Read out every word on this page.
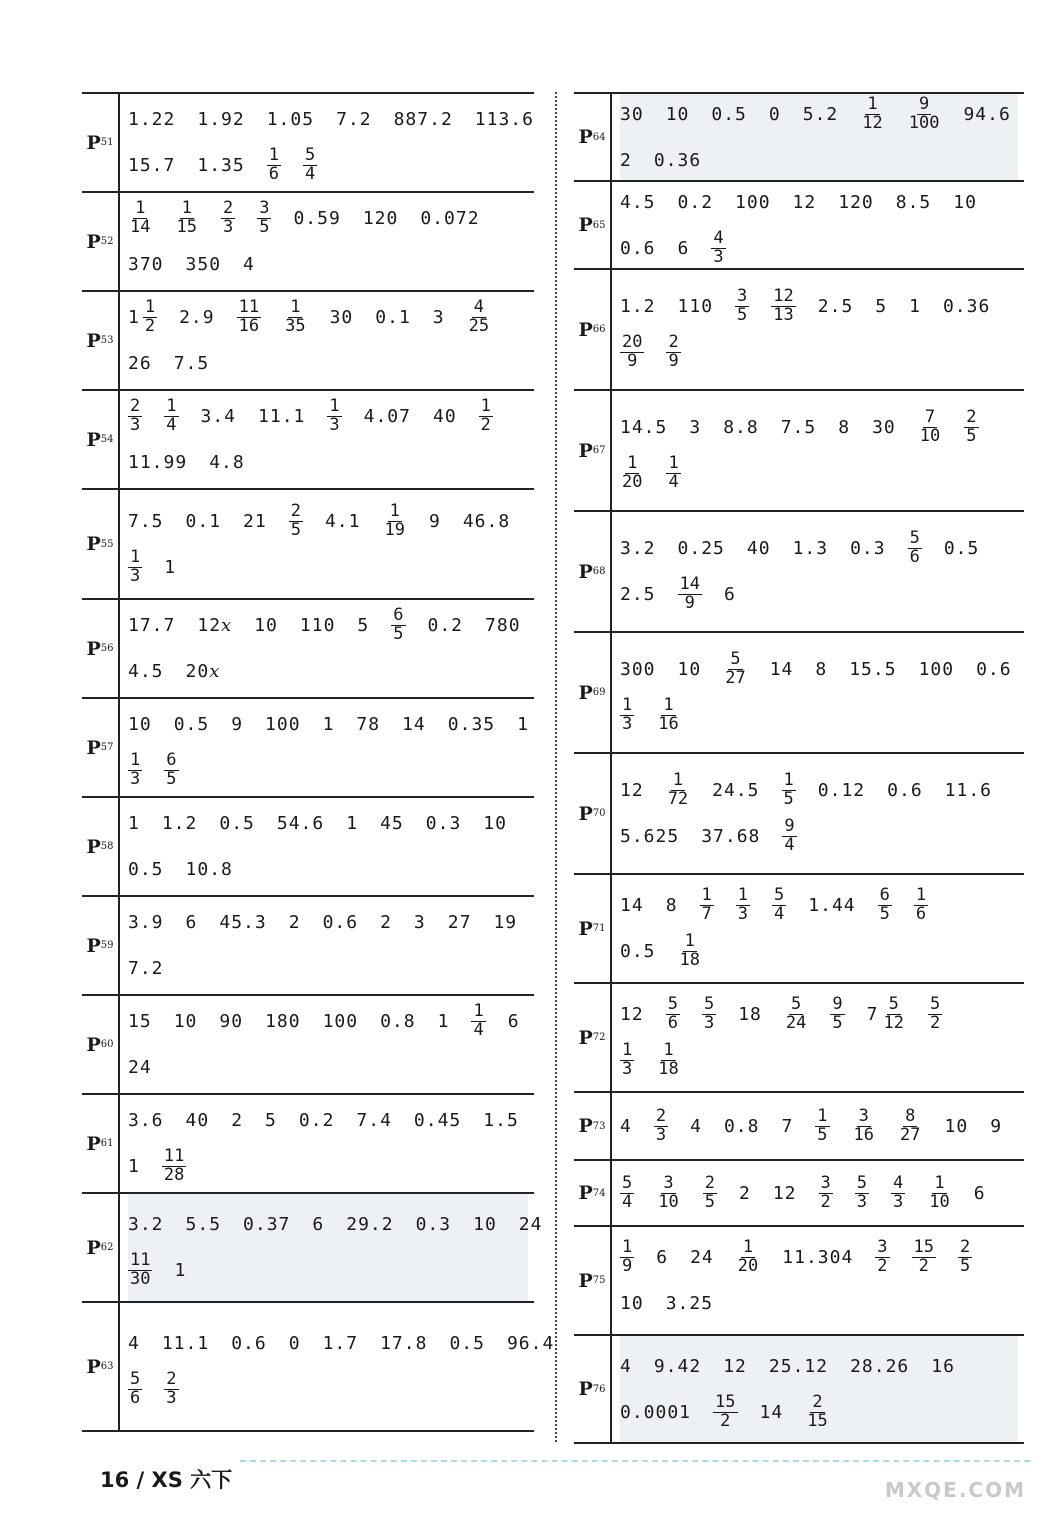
P 51
1.22 1.92 1.05 7.2 887.2 113.6
15.7 $1.35 \frac{1}{6} \frac{5}{4}$
P 52
$\frac{1}{14} \frac{1}{15} \frac{2}{3} \frac{3}{5} 0.59$ 120 0.072
370 350 4
P 53
$1 \frac{1}{2} 2.9 \frac{11}{16} \frac{1}{35} 30$ 0.1 $3 \frac{4}{25}$
26 7.5
P 54
$\frac{2}{3} \frac{1}{4} 3.4$ $11.1 \frac{1}{3} 4.07$ $40 \frac{1}{2}$
11.99 4.8
P 55
7.5 0.1 $21 \frac{2}{5} 4.1 \frac{1}{19} 9$ 46.8
$\frac{1}{3} 1$
P 56
17.7 12 x 10 110 $5 \frac{6}{5} 0.2$ 780
4.5 20 x
P 57
10 0.5 9 100 1 78 14 0.35 1
$\frac{1}{3} \frac{6}{5}$
P 58
1 1.2 0.5 54.6 1 45 0.3 10
0.5 10.8
P 59
3.9 6 45.3 2 0.6 2 3 27 19
7.2
P 60
15 10 90 180 100 0.8 $1 \frac{1}{4} 6$
24
P 61
3.6 40 2 5 0.2 7.4 0.45 1.5
$1 \frac{11}{28}$
P 62
3.2 5.5 0.37 6 29.2 0.3 10 24
$\frac{11}{30} 1$
P 63
4 11.1 0.6 0 1.7 17.8 0.5 96.4
$\frac{5}{6} \frac{2}{3}$
P 64
30 10 0.5 0 $5.2 \frac{1}{12} \frac{9}{100} 94.6$
2 0.36
P 65
4.5 0.2 100 12 120 8.5 10
0.6 $6 \frac{4}{3}$
P 66
1.2 $110 \frac{3}{5} \frac{12}{13} 2.5$ 5 1 0.36
$\frac{20}{9} \frac{2}{9}$
P 67
14.5 3 8.8 7.5 8 $30 \frac{7}{10} \frac{2}{5}$
$\frac{1}{20} \frac{1}{4}$
P 68
3.2 0.25 40 1.3 $0.3 \frac{5}{6} 0.5$
$2.5 \frac{14}{9} 6$
P 69
300 $10 \frac{5}{27} 14$ 8 15.5 100 0.6
$\frac{1}{3} \frac{1}{16}$
P 70
$12 \frac{1}{72} 24.5 \frac{1}{5} 0.12$ 0.6 11.6
5.625 $37.68 \frac{9}{4}$
P 71
14 $8 \frac{1}{7} \frac{1}{3} \frac{5}{4} 1.44 \frac{6}{5} \frac{1}{6}$
$0.5 \frac{1}{18}$
P 72
$12 \frac{5}{6} \frac{5}{3} 18 \frac{5}{24} \frac{9}{5} 7 \frac{5}{12} \frac{5}{2}$
$\frac{1}{3} \frac{1}{18}$
P 73 $4 \frac{2}{3} 4$ 0.8 $7 \frac{1}{5} \frac{3}{16} \frac{8}{27} 10$ 9
P $74 \frac{5}{4} \frac{3}{10} \frac{2}{5} 2$ $12 \frac{3}{2} \frac{5}{3} \frac{4}{3} \frac{1}{10} 6$
P 75
$\frac{1}{9} 6$ $24 \frac{1}{20} 11.304 \frac{3}{2} \frac{15}{2} \frac{2}{5}$
10 3.25
P 76
4 9.42 12 25.12 28.26 16
$0.0001 \frac{15}{2} 14 \frac{2}{15}$
16 / XS 六下	MXQE.COM
